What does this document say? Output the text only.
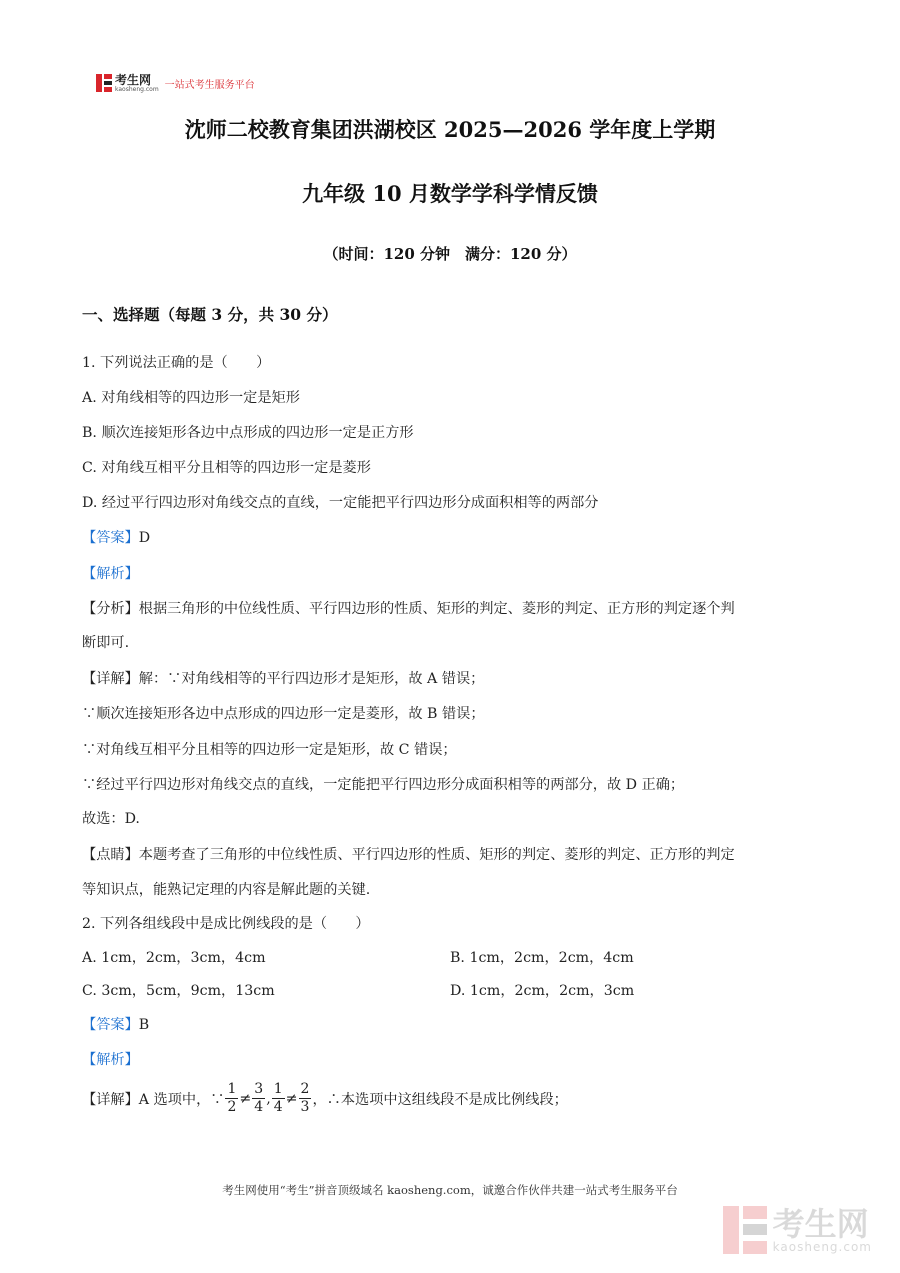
考生网
kaosheng.com 一站式考生服务平台
沈师二校教育集团洪湖校区 2025—2026 学年度上学期
九年级 10 月数学学科学情反馈
（时间：120 分钟　满分：120 分）
一、选择题（每题 3 分，共 30 分）
1. 下列说法正确的是（　　）
A. 对角线相等的四边形一定是矩形
B. 顺次连接矩形各边中点形成的四边形一定是正方形
C. 对角线互相平分且相等的四边形一定是菱形
D. 经过平行四边形对角线交点的直线，一定能把平行四边形分成面积相等的两部分
【答案】D
【解析】
【分析】根据三角形的中位线性质、平行四边形的性质、矩形的判定、菱形的判定、正方形的判定逐个判
断即可.
【详解】解：∵对角线相等的平行四边形才是矩形，故 A 错误；
∵顺次连接矩形各边中点形成的四边形一定是菱形，故 B 错误；
∵对角线互相平分且相等的四边形一定是矩形，故 C 错误；
∵经过平行四边形对角线交点的直线，一定能把平行四边形分成面积相等的两部分，故 D 正确；
故选：D.
【点睛】本题考查了三角形的中位线性质、平行四边形的性质、矩形的判定、菱形的判定、正方形的判定
等知识点，能熟记定理的内容是解此题的关键.
2. 下列各组线段中是成比例线段的是（　　）
A. 1cm，2cm，3cm，4cm	B. 1cm，2cm，2cm，4cm
C. 3cm，5cm，9cm，13cm	D. 1cm，2cm，2cm，3cm
【答案】B
【解析】
【详解】A 选项中，∵ $\frac{1}{2} \ne \frac{3}{4}$ , $\frac{1}{4} \ne \frac{2}{3}$ ，∴本选项中这组线段不是成比例线段；
考生网使用“考生”拼音顶级域名 kaosheng.com，诚邀合作伙伴共建一站式考生服务平台
考生网
kaosheng.com
